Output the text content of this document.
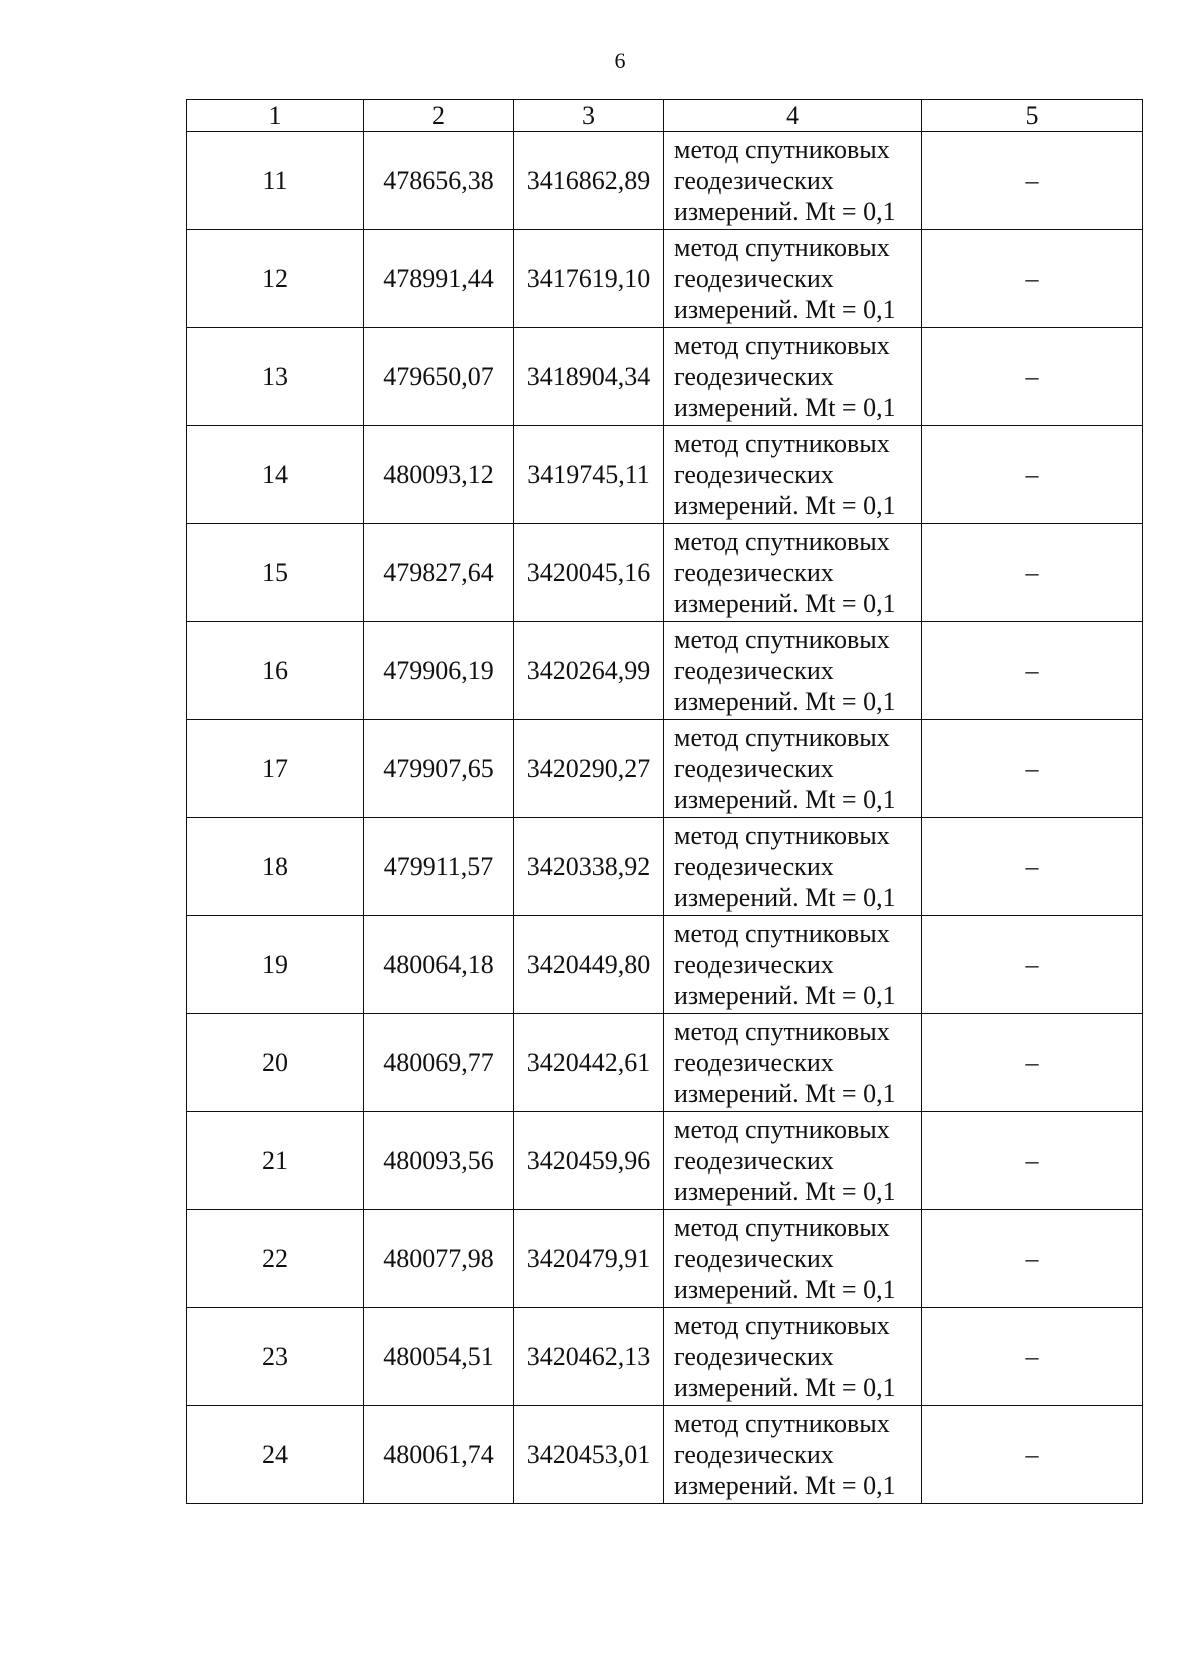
6
1	2	3	4	5
11	478656,38	3416862,89	метод спутниковых
геодезических
измерений. Mt = 0,1	–
12	478991,44	3417619,10	метод спутниковых
геодезических
измерений. Mt = 0,1	–
13	479650,07	3418904,34	метод спутниковых
геодезических
измерений. Mt = 0,1	–
14	480093,12	3419745,11	метод спутниковых
геодезических
измерений. Mt = 0,1	–
15	479827,64	3420045,16	метод спутниковых
геодезических
измерений. Mt = 0,1	–
16	479906,19	3420264,99	метод спутниковых
геодезических
измерений. Mt = 0,1	–
17	479907,65	3420290,27	метод спутниковых
геодезических
измерений. Mt = 0,1	–
18	479911,57	3420338,92	метод спутниковых
геодезических
измерений. Mt = 0,1	–
19	480064,18	3420449,80	метод спутниковых
геодезических
измерений. Mt = 0,1	–
20	480069,77	3420442,61	метод спутниковых
геодезических
измерений. Mt = 0,1	–
21	480093,56	3420459,96	метод спутниковых
геодезических
измерений. Mt = 0,1	–
22	480077,98	3420479,91	метод спутниковых
геодезических
измерений. Mt = 0,1	–
23	480054,51	3420462,13	метод спутниковых
геодезических
измерений. Mt = 0,1	–
24	480061,74	3420453,01	метод спутниковых
геодезических
измерений. Mt = 0,1	–
